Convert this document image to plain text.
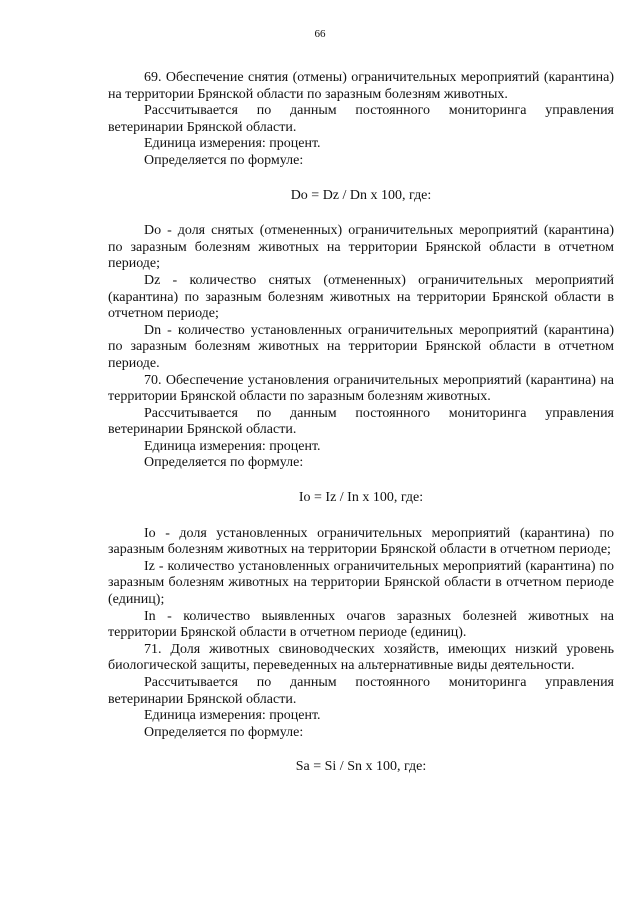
66

69. Обеспечение снятия (отмены) ограничительных мероприятий (карантина) на территории Брянской области по заразным болезням животных.

Рассчитывается по данным постоянного мониторинга управления ветеринарии Брянской области.

Единица измерения: процент.

Определяется по формуле:

Do = Dz / Dn x 100, где:

Do - доля снятых (отмененных) ограничительных мероприятий (карантина) по заразным болезням животных на территории Брянской области в отчетном периоде;

Dz - количество снятых (отмененных) ограничительных мероприятий (карантина) по заразным болезням животных на территории Брянской области в отчетном периоде;

Dn - количество установленных ограничительных мероприятий (карантина) по заразным болезням животных на территории Брянской области в отчетном периоде.

70. Обеспечение установления ограничительных мероприятий (карантина) на территории Брянской области по заразным болезням животных.

Рассчитывается по данным постоянного мониторинга управления ветеринарии Брянской области.

Единица измерения: процент.

Определяется по формуле:

Io = Iz / In x 100, где:

Io - доля установленных ограничительных мероприятий (карантина) по заразным болезням животных на территории Брянской области в отчетном периоде;

Iz - количество установленных ограничительных мероприятий (карантина) по заразным болезням животных на территории Брянской области в отчетном периоде (единиц);

In - количество выявленных очагов заразных болезней животных на территории Брянской области в отчетном периоде (единиц).

71. Доля животных свиноводческих хозяйств, имеющих низкий уровень биологической защиты, переведенных на альтернативные виды деятельности.

Рассчитывается по данным постоянного мониторинга управления ветеринарии Брянской области.

Единица измерения: процент.

Определяется по формуле:

Sa = Si / Sn x 100, где:
